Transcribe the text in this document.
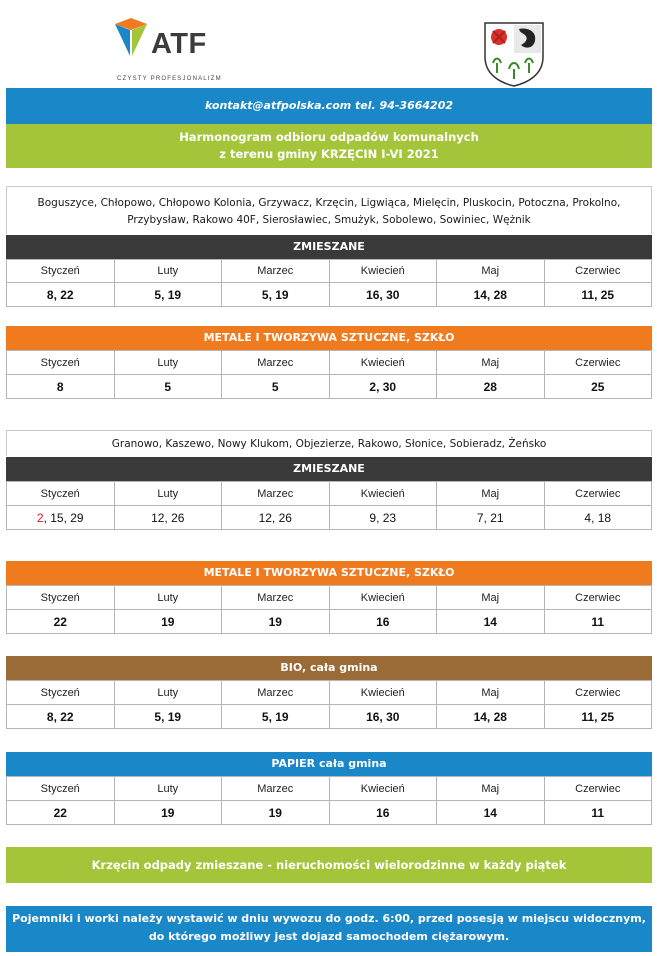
ATF
CZYSTY PROFESJONALIZM
kontakt@atfpolska.com tel. 94-3664202
Harmonogram odbioru odpadów komunalnych
z terenu gminy KRZĘCIN I-VI 2021
Boguszyce, Chłopowo, Chłopowo Kolonia, Grzywacz, Krzęcin, Ligwiąca, Mielęcin, Pluskocin, Potoczna, Prokolno,
Przybysław, Rakowo 40F, Sierosławiec, Smużyk, Sobolewo, Sowiniec, Wężnik
ZMIESZANE
Styczeń	Luty	Marzec	Kwiecień	Maj	Czerwiec
8, 22	5, 19	5, 19	16, 30	14, 28	11, 25
METALE I TWORZYWA SZTUCZNE, SZKŁO
Styczeń	Luty	Marzec	Kwiecień	Maj	Czerwiec
8	5	5	2, 30	28	25
Granowo, Kaszewo, Nowy Klukom, Objezierze, Rakowo, Słonice, Sobieradz, Żeńsko
ZMIESZANE
Styczeń	Luty	Marzec	Kwiecień	Maj	Czerwiec
2, 15, 29	12, 26	12, 26	9, 23	7, 21	4, 18
METALE I TWORZYWA SZTUCZNE, SZKŁO
Styczeń	Luty	Marzec	Kwiecień	Maj	Czerwiec
22	19	19	16	14	11
BIO, cała gmina
Styczeń	Luty	Marzec	Kwiecień	Maj	Czerwiec
8, 22	5, 19	5, 19	16, 30	14, 28	11, 25
PAPIER cała gmina
Styczeń	Luty	Marzec	Kwiecień	Maj	Czerwiec
22	19	19	16	14	11
Krzęcin odpady zmieszane - nieruchomości wielorodzinne w każdy piątek
Pojemniki i worki należy wystawić w dniu wywozu do godz. 6:00, przed posesją w miejscu widocznym,
do którego możliwy jest dojazd samochodem ciężarowym.
